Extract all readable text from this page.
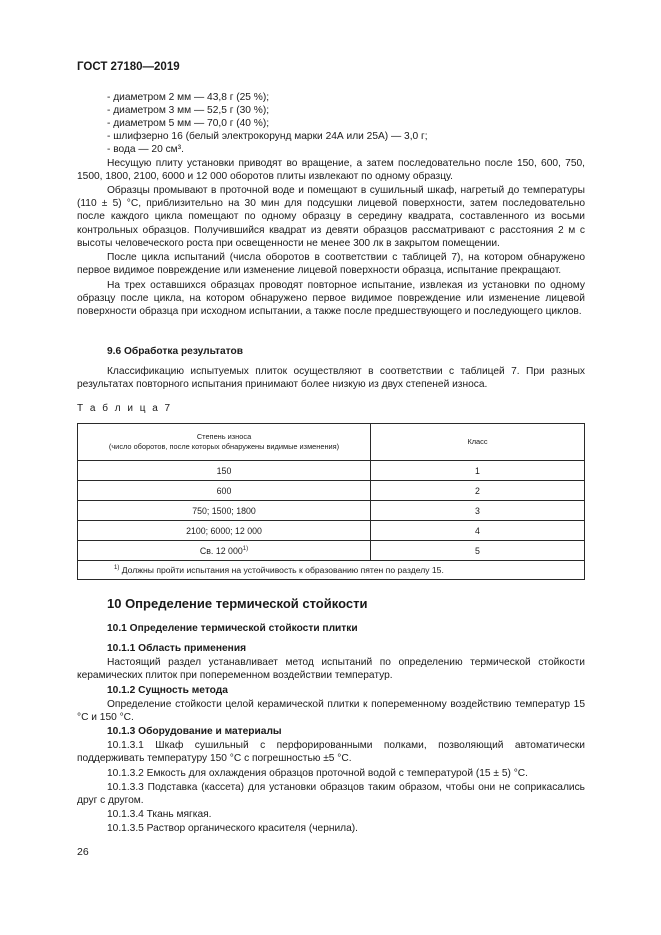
ГОСТ 27180—2019
- диаметром 2 мм — 43,8 г (25 %);
- диаметром 3 мм — 52,5 г (30 %);
- диаметром 5 мм — 70,0 г (40 %);
- шлифзерно 16 (белый электрокорунд марки 24А или 25А) — 3,0 г;
- вода — 20 см³.
Несущую плиту установки приводят во вращение, а затем последовательно после 150, 600, 750, 1500, 1800, 2100, 6000 и 12 000 оборотов плиты извлекают по одному образцу.
Образцы промывают в проточной воде и помещают в сушильный шкаф, нагретый до температуры (110 ± 5) °С, приблизительно на 30 мин для подсушки лицевой поверхности, затем последовательно после каждого цикла помещают по одному образцу в середину квадрата, составленного из восьми контрольных образцов. Получившийся квадрат из девяти образцов рассматривают с расстояния 2 м с высоты человеческого роста при освещенности не менее 300 лк в закрытом помещении.
После цикла испытаний (числа оборотов в соответствии с таблицей 7), на котором обнаружено первое видимое повреждение или изменение лицевой поверхности образца, испытание прекращают.
На трех оставшихся образцах проводят повторное испытание, извлекая из установки по одному образцу после цикла, на котором обнаружено первое видимое повреждение или изменение лицевой поверхности образца при исходном испытании, а также после предшествующего и последующего циклов.
9.6 Обработка результатов
Классификацию испытуемых плиток осуществляют в соответствии с таблицей 7. При разных результатах повторного испытания принимают более низкую из двух степеней износа.
Т а б л и ц а 7
Степень износа
(число оборотов, после которых обнаружены видимые изменения)	Класс
150	1
600	2
750; 1500; 1800	3
2100; 6000; 12 000	4
Св. 12 000$^{1)}$	5
$^{1)}$ Должны пройти испытания на устойчивость к образованию пятен по разделу 15.	
10 Определение термической стойкости
10.1 Определение термической стойкости плитки
10.1.1 Область применения
Настоящий раздел устанавливает метод испытаний по определению термической стойкости керамических плиток при попеременном воздействии температур.
10.1.2 Сущность метода
Определение стойкости целой керамической плитки к попеременному воздействию температур 15 °С и 150 °С.
10.1.3 Оборудование и материалы
10.1.3.1 Шкаф сушильный с перфорированными полками, позволяющий автоматически поддерживать температуру 150 °С с погрешностью ±5 °С.
10.1.3.2 Емкость для охлаждения образцов проточной водой с температурой (15 ± 5) °С.
10.1.3.3 Подставка (кассета) для установки образцов таким образом, чтобы они не соприкасались друг с другом.
10.1.3.4 Ткань мягкая.
10.1.3.5 Раствор органического красителя (чернила).
26
